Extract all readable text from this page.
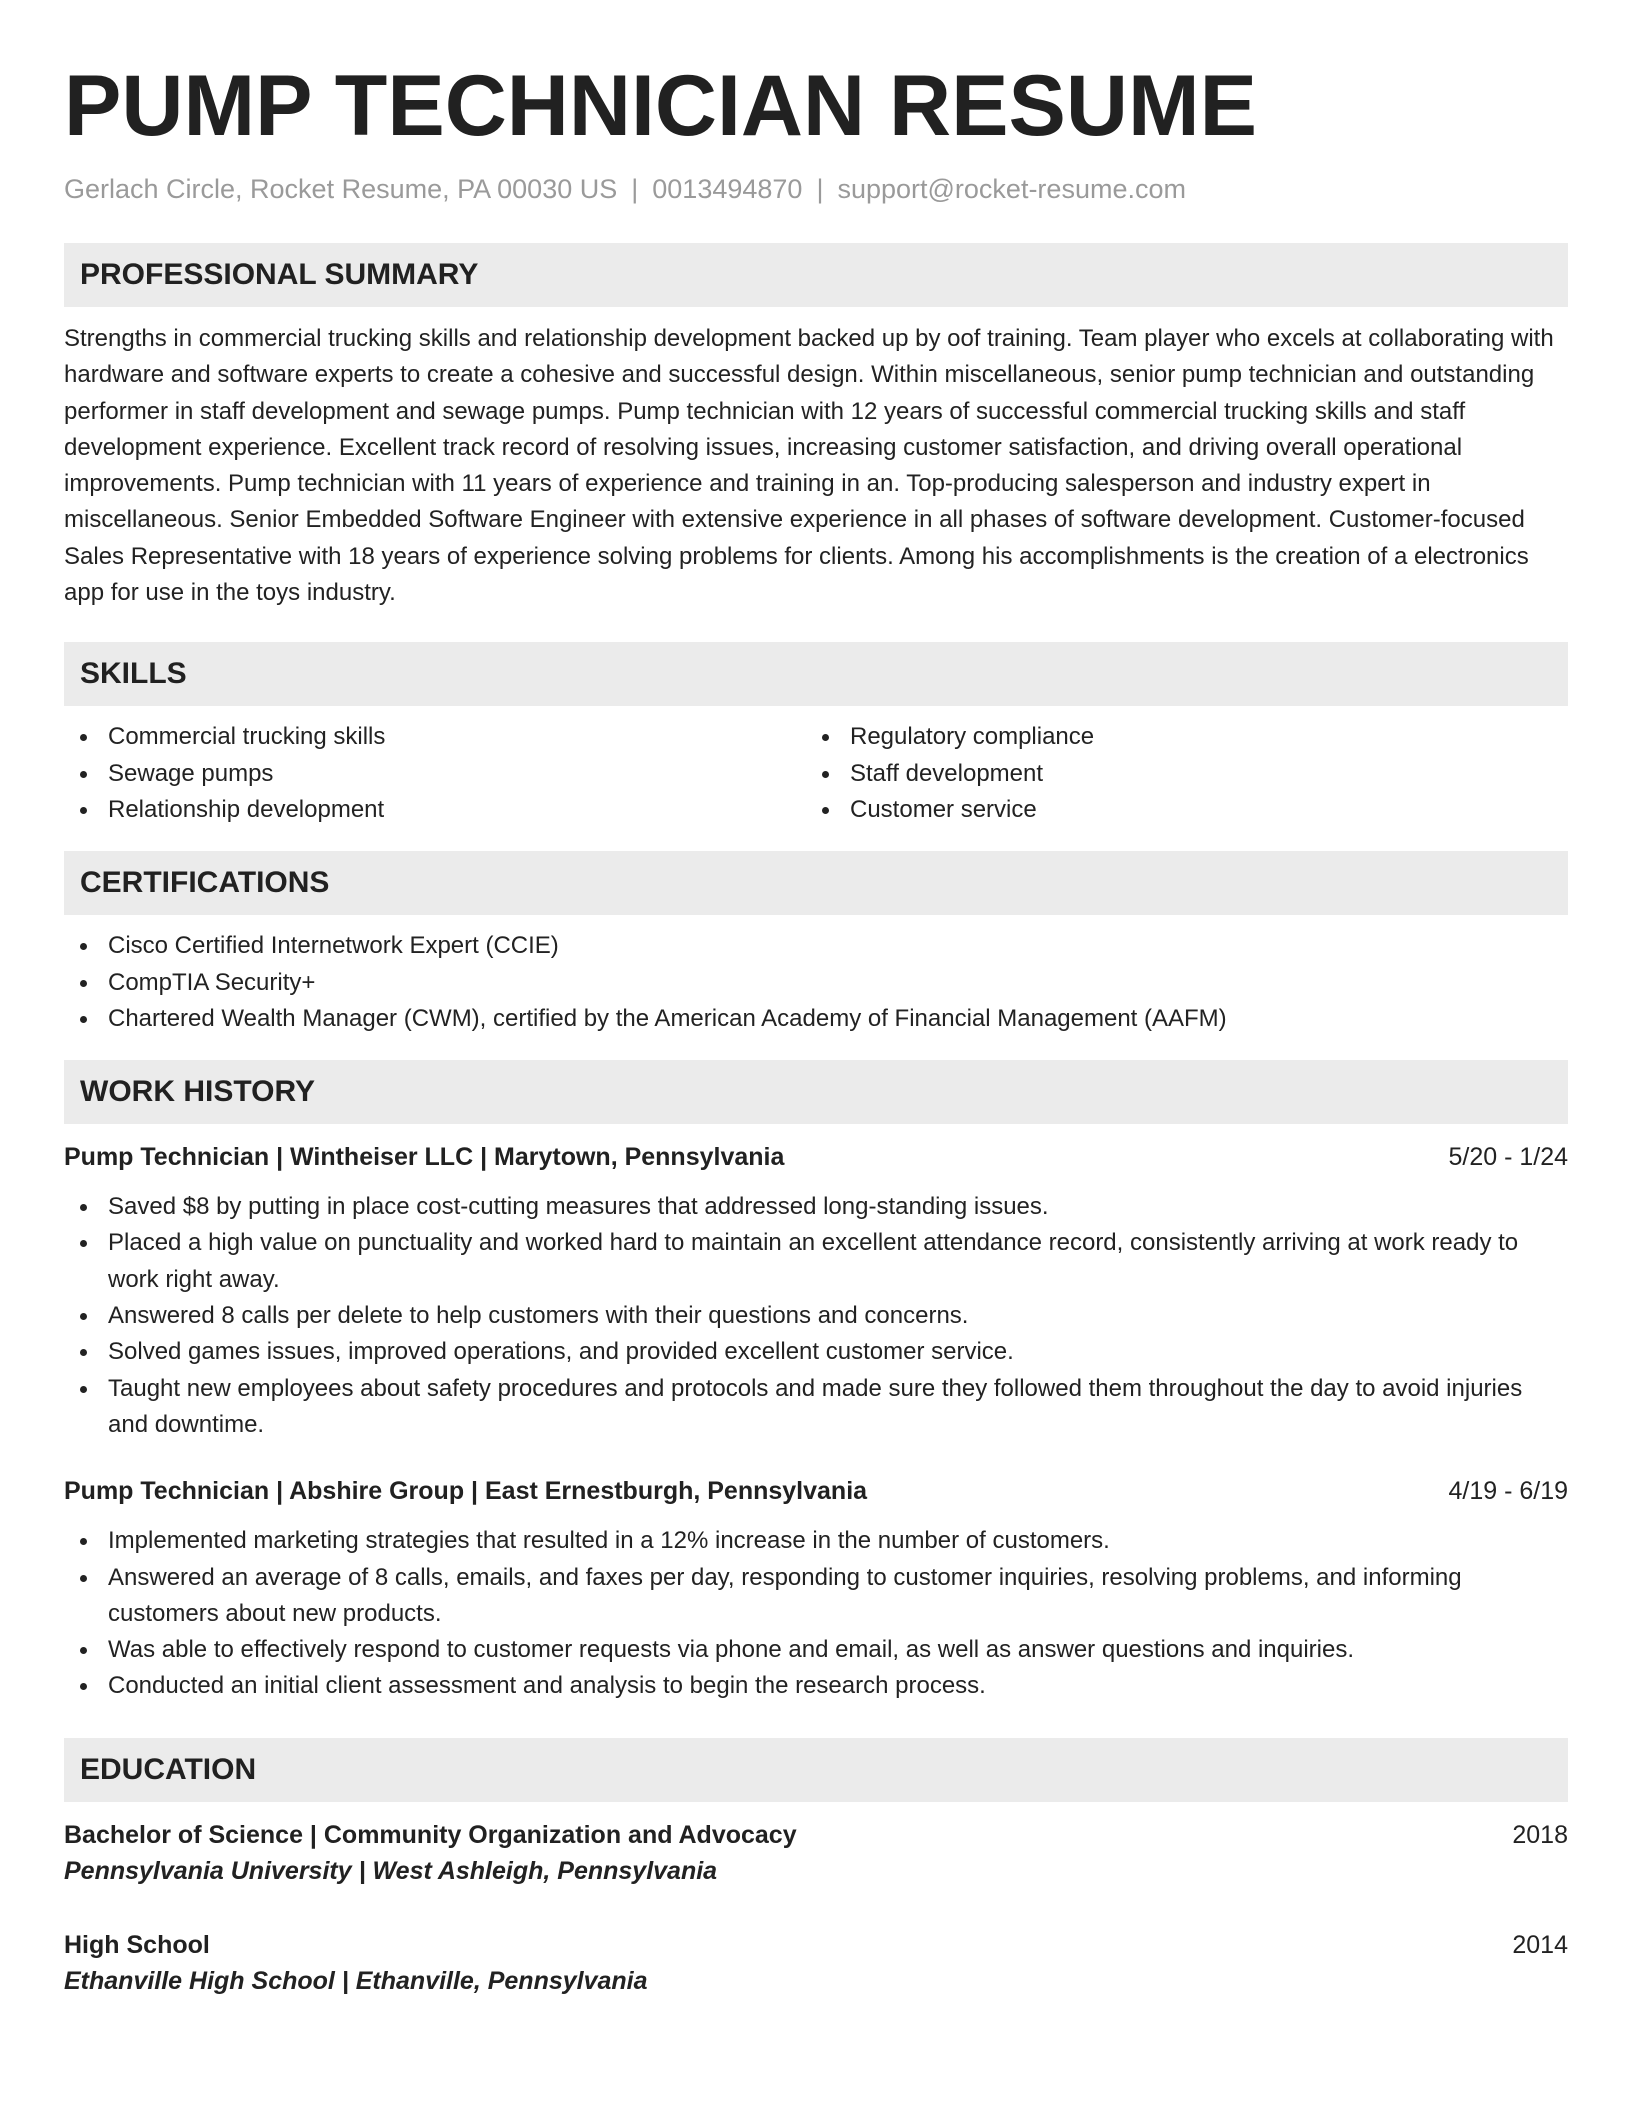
PUMP TECHNICIAN RESUME
Gerlach Circle, Rocket Resume, PA 00030 US | 0013494870 | support@rocket-resume.com
PROFESSIONAL SUMMARY

Strengths in commercial trucking skills and relationship development backed up by oof training. Team player who excels at collaborating with hardware and software experts to create a cohesive and successful design. Within miscellaneous, senior pump technician and outstanding performer in staff development and sewage pumps. Pump technician with 12 years of successful commercial trucking skills and staff development experience. Excellent track record of resolving issues, increasing customer satisfaction, and driving overall operational improvements. Pump technician with 11 years of experience and training in an. Top-producing salesperson and industry expert in miscellaneous. Senior Embedded Software Engineer with extensive experience in all phases of software development. Customer-focused Sales Representative with 18 years of experience solving problems for clients. Among his accomplishments is the creation of a electronics app for use in the toys industry.

SKILLS
Commercial trucking skills
Sewage pumps
Relationship development
Regulatory compliance
Staff development
Customer service
CERTIFICATIONS
Cisco Certified Internetwork Expert (CCIE)
CompTIA Security+
Chartered Wealth Manager (CWM), certified by the American Academy of Financial Management (AAFM)
WORK HISTORY
Pump Technician | Wintheiser LLC | Marytown, Pennsylvania	5/20 - 1/24
Saved $8 by putting in place cost-cutting measures that addressed long-standing issues.
Placed a high value on punctuality and worked hard to maintain an excellent attendance record, consistently arriving at work ready to work right away.
Answered 8 calls per delete to help customers with their questions and concerns.
Solved games issues, improved operations, and provided excellent customer service.
Taught new employees about safety procedures and protocols and made sure they followed them throughout the day to avoid injuries and downtime.
Pump Technician | Abshire Group | East Ernestburgh, Pennsylvania	4/19 - 6/19
Implemented marketing strategies that resulted in a 12% increase in the number of customers.
Answered an average of 8 calls, emails, and faxes per day, responding to customer inquiries, resolving problems, and informing customers about new products.
Was able to effectively respond to customer requests via phone and email, as well as answer questions and inquiries.
Conducted an initial client assessment and analysis to begin the research process.
EDUCATION
Bachelor of Science | Community Organization and Advocacy	2018
Pennsylvania University | West Ashleigh, Pennsylvania
High School	2014
Ethanville High School | Ethanville, Pennsylvania
